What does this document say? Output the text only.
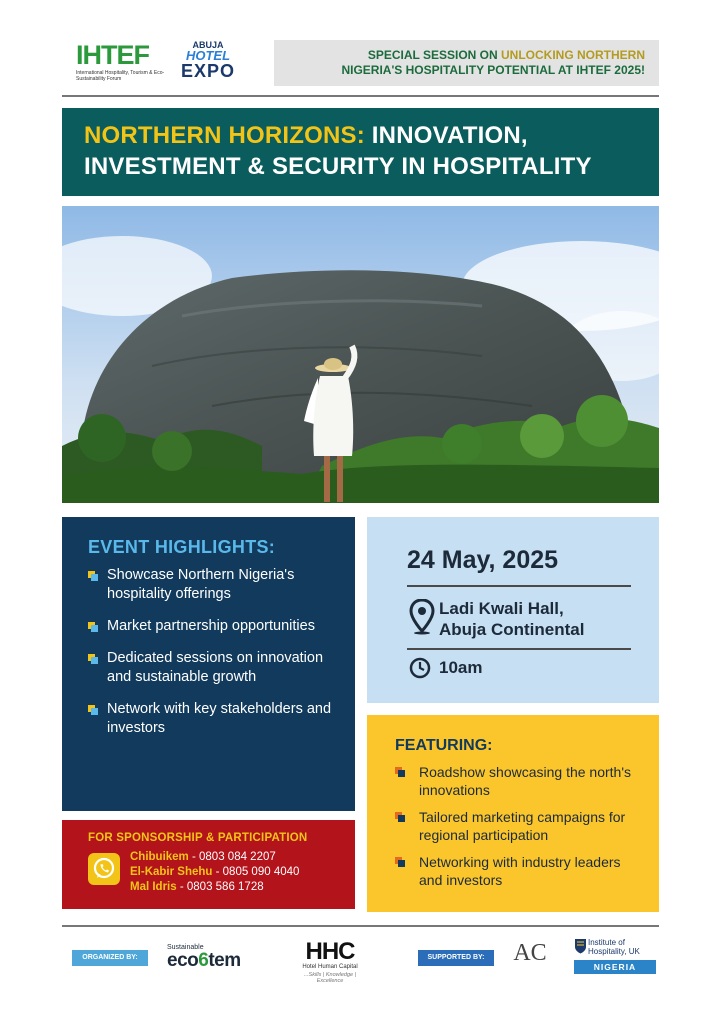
IHTEF
International Hospitality, Tourism & Eco- Sustainability Forum
ABUJA
HOTEL
EXPO
SPECIAL SESSION ON UNLOCKING NORTHERN
NIGERIA'S HOSPITALITY POTENTIAL AT IHTEF 2025!
NORTHERN HORIZONS: INNOVATION,
INVESTMENT & SECURITY IN HOSPITALITY
EVENT HIGHLIGHTS:
Showcase Northern Nigeria's hospitality offerings
Market partnership opportunities
Dedicated sessions on innovation and sustainable growth
Network with key stakeholders and investors
24 May, 2025
Ladi Kwali Hall,
Abuja Continental
10am
FEATURING:
Roadshow showcasing the north's innovations
Tailored marketing campaigns for regional participation
Networking with industry leaders and investors
FOR SPONSORSHIP & PARTICIPATION
Chibuikem - 0803 084 2207
El-Kabir Shehu - 0805 090 4040
Mal Idris - 0803 586 1728
ORGANIZED BY:
Sustainable
eco6tem	HHC
Hotel Human Capital
...Skills | Knowledge | Excellence
SUPPORTED BY:	AC	Institute of Hospitality, UK
NIGERIA
